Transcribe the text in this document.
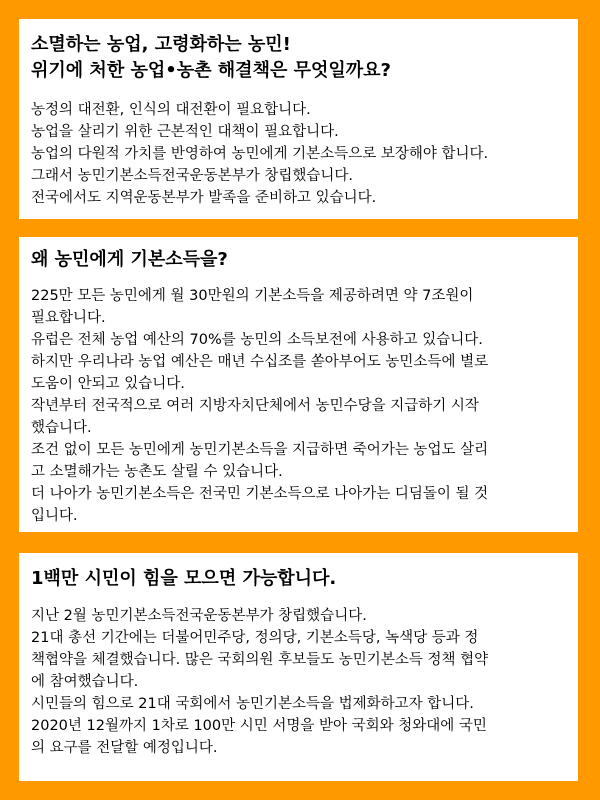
소멸하는 농업, 고령화하는 농민!
위기에 처한 농업•농촌 해결책은 무엇일까요?

농정의 대전환, 인식의 대전환이 필요합니다.
농업을 살리기 위한 근본적인 대책이 필요합니다.
농업의 다원적 가치를 반영하여 농민에게 기본소득으로 보장해야 합니다.
그래서 농민기본소득전국운동본부가 창립했습니다.
전국에서도 지역운동본부가 발족을 준비하고 있습니다.

왜 농민에게 기본소득을?

225만 모든 농민에게 월 30만원의 기본소득을 제공하려면 약 7조원이
필요합니다.
유럽은 전체 농업 예산의 70%를 농민의 소득보전에 사용하고 있습니다.
하지만 우리나라 농업 예산은 매년 수십조를 쏟아부어도 농민소득에 별로
도움이 안되고 있습니다.
작년부터 전국적으로 여러 지방자치단체에서 농민수당을 지급하기 시작
했습니다.
조건 없이 모든 농민에게 농민기본소득을 지급하면 죽어가는 농업도 살리
고 소멸해가는 농촌도 살릴 수 있습니다.
더 나아가 농민기본소득은 전국민 기본소득으로 나아가는 디딤돌이 될 것
입니다.

1백만 시민이 힘을 모으면 가능합니다.

지난 2월 농민기본소득전국운동본부가 창립했습니다.
21대 총선 기간에는 더불어민주당, 정의당, 기본소득당, 녹색당 등과 정
책협약을 체결했습니다. 많은 국회의원 후보들도 농민기본소득 정책 협약
에 참여했습니다.
시민들의 힘으로 21대 국회에서 농민기본소득을 법제화하고자 합니다.
2020년 12월까지 1차로 100만 시민 서명을 받아 국회와 청와대에 국민
의 요구를 전달할 예정입니다.
